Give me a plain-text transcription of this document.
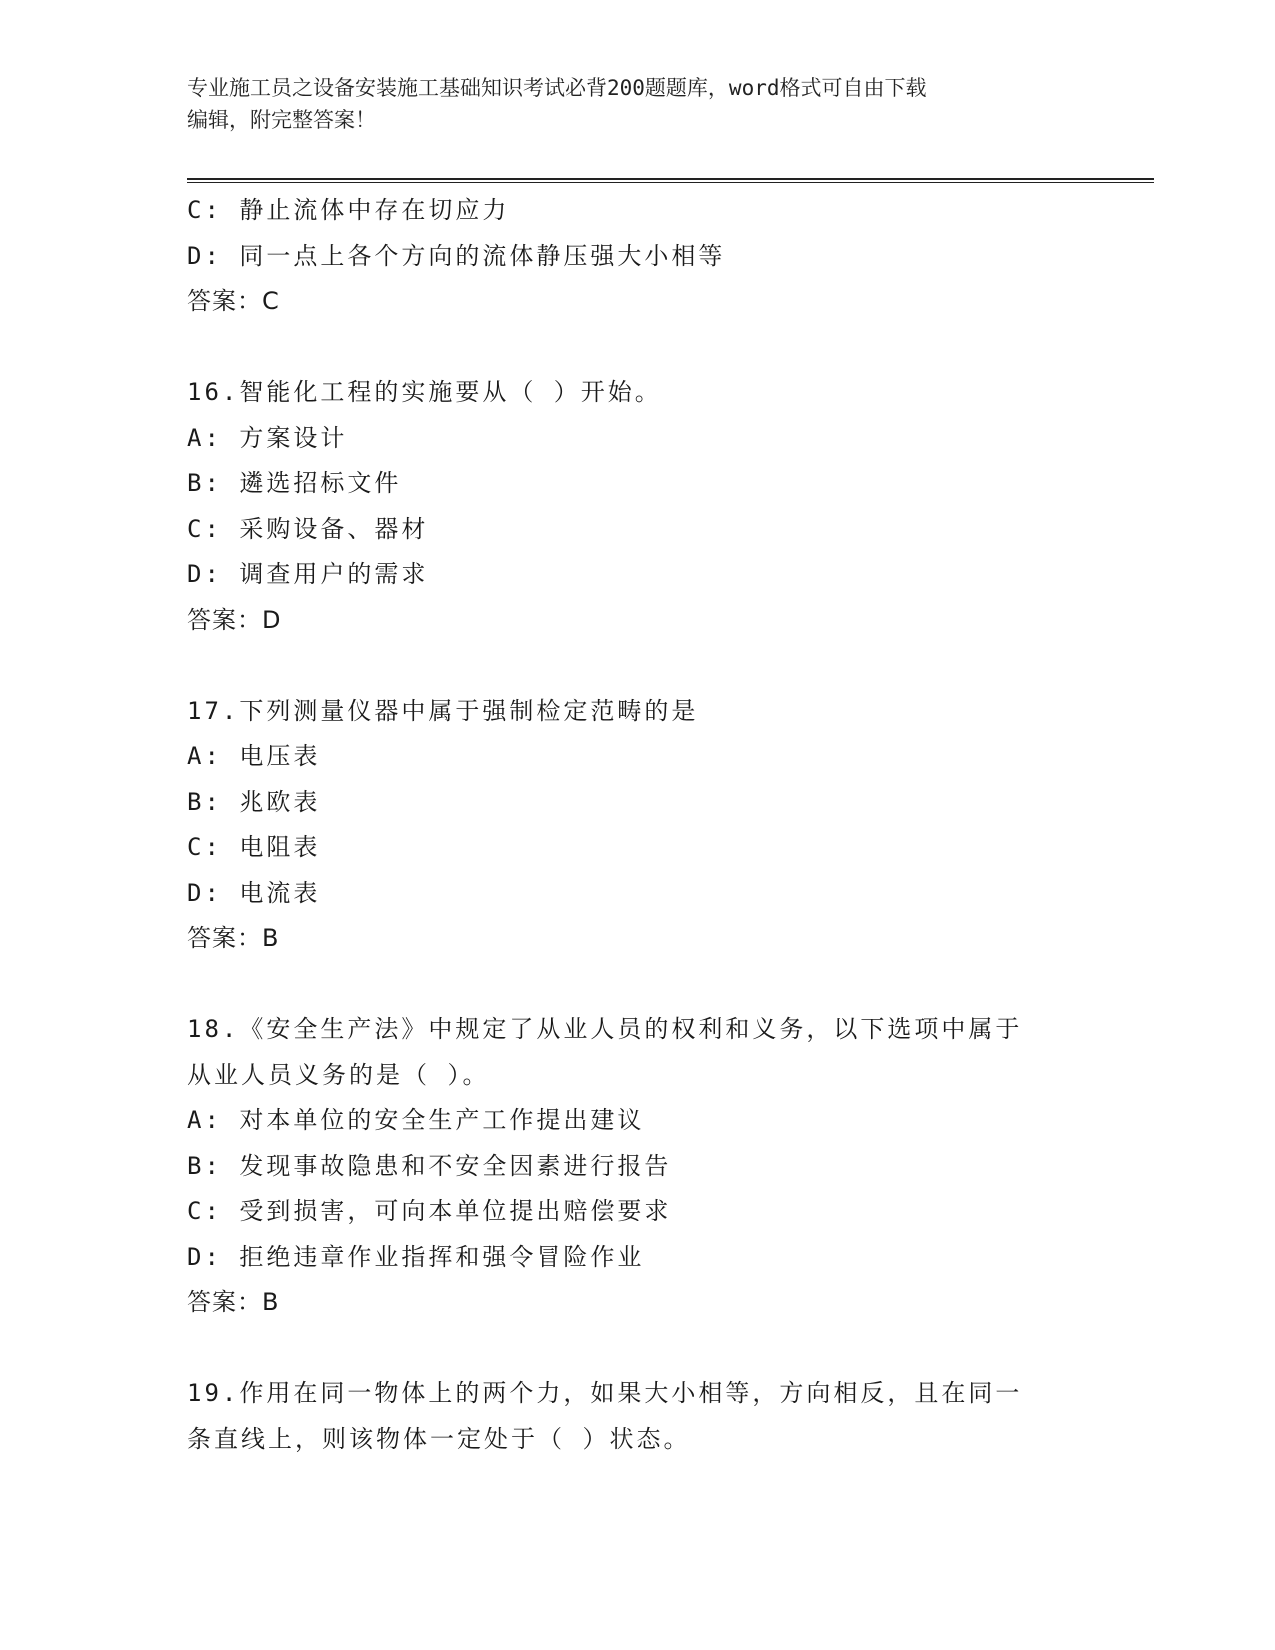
专业施工员之设备安装施工基础知识考试必背200题题库，word格式可自由下载
编辑，附完整答案！
C: 静止流体中存在切应力
D: 同一点上各个方向的流体静压强大小相等
答案：C
16.智能化工程的实施要从（ ）开始。
A: 方案设计
B: 遴选招标文件
C: 采购设备、器材
D: 调查用户的需求
答案：D
17.下列测量仪器中属于强制检定范畴的是
A: 电压表
B: 兆欧表
C: 电阻表
D: 电流表
答案：B
18.《安全生产法》中规定了从业人员的权利和义务，以下选项中属于
从业人员义务的是（ ）。
A: 对本单位的安全生产工作提出建议
B: 发现事故隐患和不安全因素进行报告
C: 受到损害，可向本单位提出赔偿要求
D: 拒绝违章作业指挥和强令冒险作业
答案：B
19.作用在同一物体上的两个力，如果大小相等，方向相反，且在同一
条直线上，则该物体一定处于（ ）状态。
